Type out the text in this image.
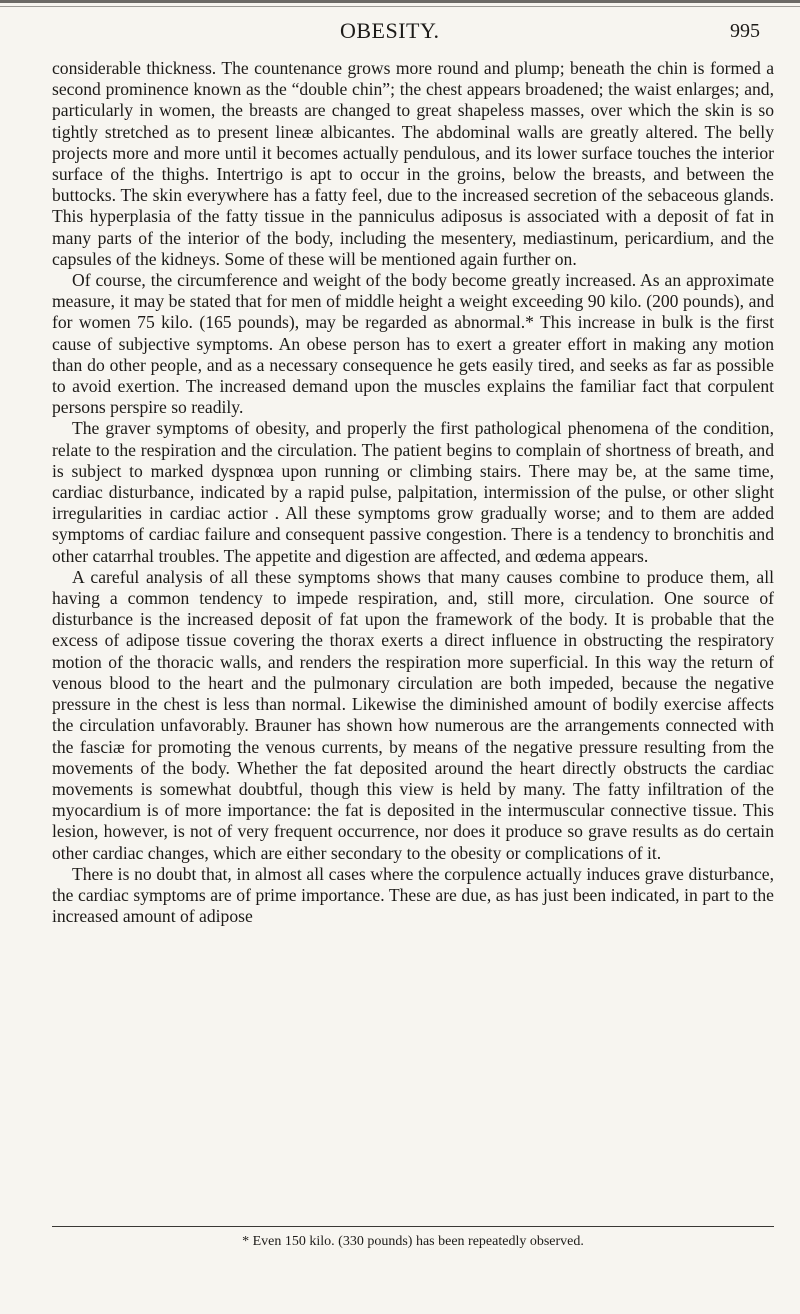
OBESITY.	995

considerable thickness. The countenance grows more round and plump; beneath the chin is formed a second prominence known as the “double chin”; the chest appears broadened; the waist enlarges; and, particularly in women, the breasts are changed to great shapeless masses, over which the skin is so tightly stretched as to present lineæ albicantes. The abdominal walls are greatly altered. The belly projects more and more until it becomes actually pendulous, and its lower surface touches the interior surface of the thighs. Intertrigo is apt to occur in the groins, below the breasts, and between the buttocks. The skin everywhere has a fatty feel, due to the increased secretion of the sebaceous glands. This hyperplasia of the fatty tissue in the panniculus adiposus is associated with a deposit of fat in many parts of the interior of the body, including the mesentery, mediastinum, pericardium, and the capsules of the kidneys. Some of these will be mentioned again further on.

Of course, the circumference and weight of the body become greatly increased. As an approximate measure, it may be stated that for men of middle height a weight exceeding 90 kilo. (200 pounds), and for women 75 kilo. (165 pounds), may be regarded as abnormal.* This increase in bulk is the first cause of subjective symptoms. An obese person has to exert a greater effort in making any motion than do other people, and as a necessary consequence he gets easily tired, and seeks as far as possible to avoid exertion. The increased demand upon the muscles explains the familiar fact that corpulent persons perspire so readily.

The graver symptoms of obesity, and properly the first pathological phenomena of the condition, relate to the respiration and the circulation. The patient begins to complain of shortness of breath, and is subject to marked dyspnœa upon running or climbing stairs. There may be, at the same time, cardiac disturbance, indicated by a rapid pulse, palpitation, intermission of the pulse, or other slight irregularities in cardiac actior . All these symptoms grow gradually worse; and to them are added symptoms of cardiac failure and consequent passive congestion. There is a tendency to bronchitis and other catarrhal troubles. The appetite and digestion are affected, and œdema appears.

A careful analysis of all these symptoms shows that many causes combine to produce them, all having a common tendency to impede respiration, and, still more, circulation. One source of disturbance is the increased deposit of fat upon the framework of the body. It is probable that the excess of adipose tissue covering the thorax exerts a direct influence in obstructing the respiratory motion of the thoracic walls, and renders the respiration more superficial. In this way the return of venous blood to the heart and the pulmonary circulation are both impeded, because the negative pressure in the chest is less than normal. Likewise the diminished amount of bodily exercise affects the circulation unfavorably. Brauner has shown how numerous are the arrangements connected with the fasciæ for promoting the venous currents, by means of the negative pressure resulting from the movements of the body. Whether the fat deposited around the heart directly obstructs the cardiac movements is somewhat doubtful, though this view is held by many. The fatty infiltration of the myocardium is of more importance: the fat is deposited in the intermuscular connective tissue. This lesion, however, is not of very frequent occurrence, nor does it produce so grave results as do certain other cardiac changes, which are either secondary to the obesity or complications of it.

There is no doubt that, in almost all cases where the corpulence actually induces grave disturbance, the cardiac symptoms are of prime importance. These are due, as has just been indicated, in part to the increased amount of adipose

* Even 150 kilo. (330 pounds) has been repeatedly observed.
